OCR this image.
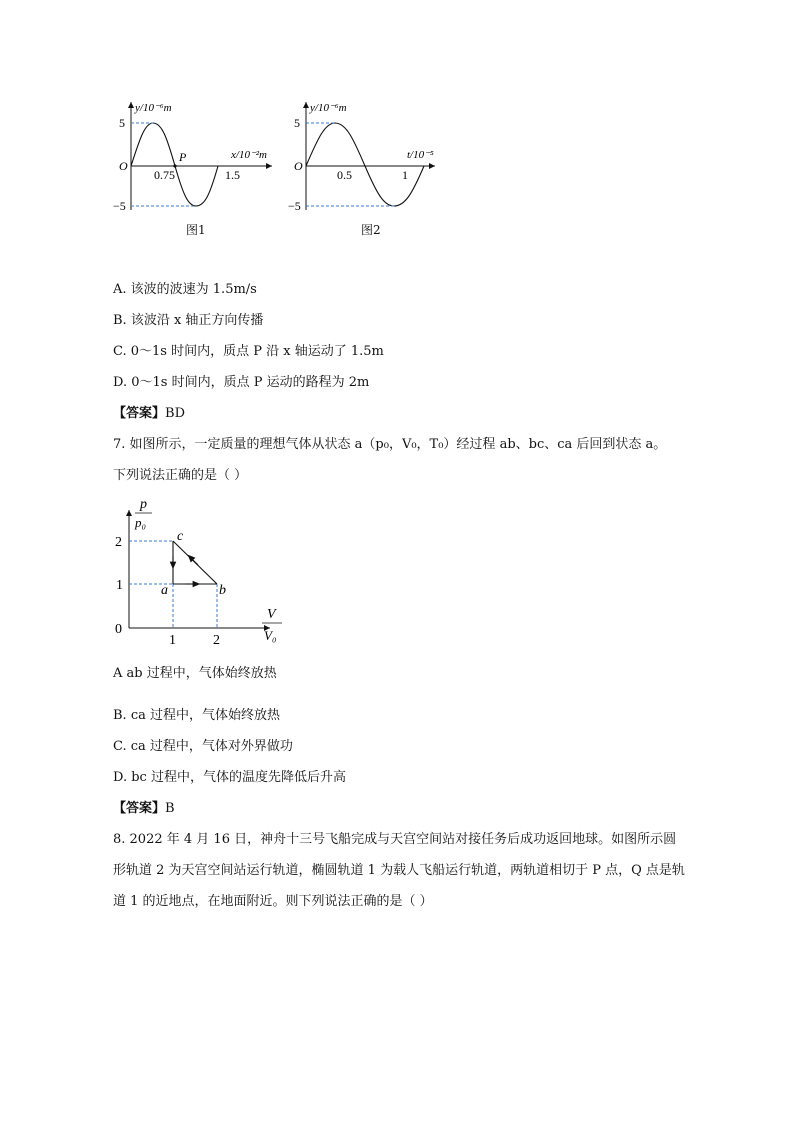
y/10⁻⁶m
x/10⁻²m
O
5
−5
0.75	1.5
P
图1
y/10⁻⁶m
t/10⁻⁵
O
5
−5
0.5	1
图2
A. 该波的波速为 1.5m/s
B. 该波沿 x 轴正方向传播
C. 0～1s 时间内，质点 P 沿 x 轴运动了 1.5m
D. 0～1s 时间内，质点 P 运动的路程为 2m
【答案】BD
7. 如图所示，一定质量的理想气体从状态 a（p₀，V₀，T₀）经过程 ab、bc、ca 后回到状态 a。
下列说法正确的是（ ）
p
p₀
V
V₀
0
2
1
1	2
c
a	b
A ab 过程中，气体始终放热
B. ca 过程中，气体始终放热
C. ca 过程中，气体对外界做功
D. bc 过程中，气体的温度先降低后升高
【答案】B
8. 2022 年 4 月 16 日，神舟十三号飞船完成与天宫空间站对接任务后成功返回地球。如图所示圆形轨道 2 为天宫空间站运行轨道，椭圆轨道 1 为载人飞船运行轨道，两轨道相切于 P 点，Q 点是轨道 1 的近地点，在地面附近。则下列说法正确的是（ ）
